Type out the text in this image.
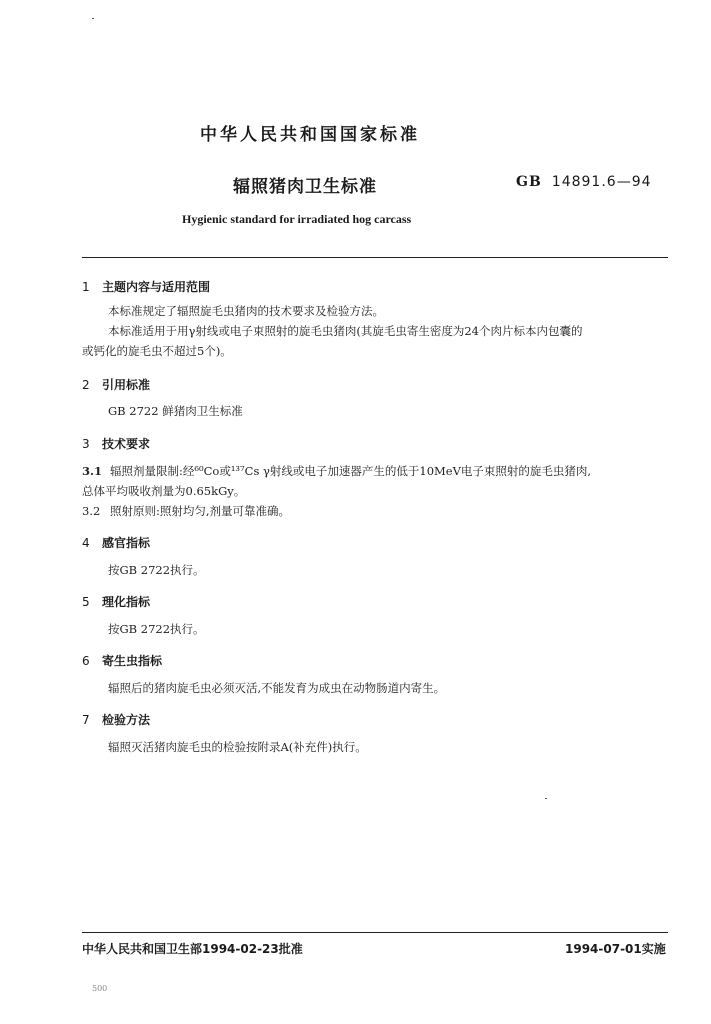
中华人民共和国国家标准
辐照猪肉卫生标准	GB 14891.6—94
Hygienic standard for irradiated hog carcass
1 主题内容与适用范围
本标准规定了辐照旋毛虫猪肉的技术要求及检验方法。
本标准适用于用γ射线或电子束照射的旋毛虫猪肉(其旋毛虫寄生密度为24个肉片标本内包囊的
或钙化的旋毛虫不超过5个)。
2 引用标准
GB 2722 鲜猪肉卫生标准
3 技术要求
3.1 辐照剂量限制:经⁶⁰Co或¹³⁷Cs γ射线或电子加速器产生的低于10MeV电子束照射的旋毛虫猪肉,
总体平均吸收剂量为0.65kGy。
3.2 照射原则:照射均匀,剂量可靠准确。
4 感官指标
按GB 2722执行。
5 理化指标
按GB 2722执行。
6 寄生虫指标
辐照后的猪肉旋毛虫必须灭活,不能发育为成虫在动物肠道内寄生。
7 检验方法
辐照灭活猪肉旋毛虫的检验按附录A(补充件)执行。
中华人民共和国卫生部1994-02-23批准	1994-07-01实施
500
